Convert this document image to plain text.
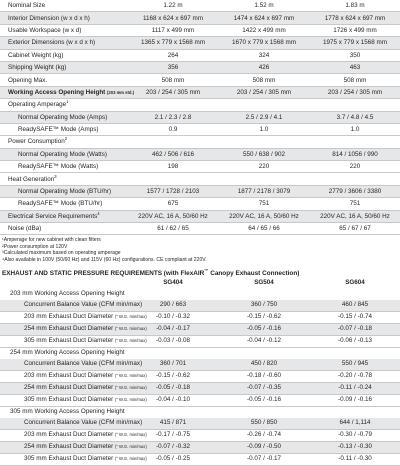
Nominal Size	1.22 m	1.52 m	1.83 m
Interior Dimension (w x d x h)	1168 x 624 x 697 mm	1474 x 624 x 697 mm	1778 x 624 x 697 mm
Usable Workspace (w x d)	1117 x 499 mm	1422 x 499 mm	1726 x 499 mm
Exterior Dimensions (w x d x h)	1365 x 779 x 1568 mm	1670 x 779 x 1568 mm	1975 x 779 x 1568 mm
Cabinet Weight (kg)	264	324	350
Shipping Weight (kg)	356	426	463
Opening Max.	508 mm	508 mm	508 mm
Working Access Opening Height (203 mm std.)	203 / 254 / 305 mm	203 / 254 / 305 mm	203 / 254 / 305 mm
Operating Amperage$^1$			
Normal Operating Mode (Amps)	2.1 / 2.3 / 2.8	2.5 / 2.9 / 4.1	3.7 / 4.8 / 4.5
ReadySAFE™ Mode (Amps)	0.9	1.0	1.0
Power Consumption$^2$			
Normal Operating Mode (Watts)	462 / 506 / 616	550 / 638 / 902	814 / 1056 / 990
ReadySAFE™ Mode (Watts)	198	220	220
Heat Generation$^3$			
Normal Operating Mode (BTU/hr)	1577 / 1728 / 2103	1877 / 2178 / 3079	2779 / 3606 / 3380
ReadySAFE™ Mode (BTU/hr)	675	751	751
Electrical Service Requirements$^4$	220V AC, 16 A, 50/60 Hz	220V AC, 16 A, 50/60 Hz	220V AC, 16 A, 50/60 Hz
Noise (dBa)	61 / 62 / 65	64 / 65 / 66	65 / 67 / 67

¹Amperage for new cabinet with clean filters

²Power consumption at 120V

³Calculated maximum based on operating amperage

⁴Also available in 100V (50/60 Hz) and 115V (60 Hz) configurations. CE compliant at 220V.

EXHAUST AND STATIC PRESSURE REQUIREMENTS (with FlexAIR™ Canopy Exhaust Connection)
	SG404	SG504	SG604
203 mm Working Access Opening Height			
Concurrent Balance Value (CFM min/max)	290 / 663	360 / 750	460 / 845
203 mm Exhaust Duct Diameter (" W.G. min/max)	-0.10 / -0.32	-0.15 / -0.62	-0.15 / -0.74
254 mm Exhaust Duct Diameter (" W.G. min/max)	-0.04 / -0.17	-0.05 / -0.16	-0.07 / -0.18
305 mm Exhaust Duct Diameter (" W.G. min/max)	-0.03 / -0.08	-0.04 / -0.12	-0.06 / -0.13
254 mm Working Access Opening Height			
Concurrent Balance Value (CFM min/max)	360 / 701	450 / 820	550 / 945
203 mm Exhaust Duct Diameter (" W.G. min/max)	-0.15 / -0.62	-0.18 / -0.60	-0.20 / -0.78
254 mm Exhaust Duct Diameter (" W.G. min/max)	-0.05 / -0.18	-0.07 / -0.35	-0.11 / -0.24
305 mm Exhaust Duct Diameter (" W.G. min/max)	-0.04 / -0.10	-0.05 / -0.16	-0.09 / -0.16
305 mm Working Access Opening Height			
Concurrent Balance Value (CFM min/max)	415 / 871	550 / 850	644 / 1,114
203 mm Exhaust Duct Diameter (" W.G. min/max)	-0.17 / -0.75	-0.26 / -0.74	-0.30 / -0.79
254 mm Exhaust Duct Diameter (" W.G. min/max)	-0.07 / -0.32	-0.09 / -0.50	-0.13 / -0.30
305 mm Exhaust Duct Diameter (" W.G. min/max)	-0.05 / -0.25	-0.07 / -0.17	-0.11 / -0.30
